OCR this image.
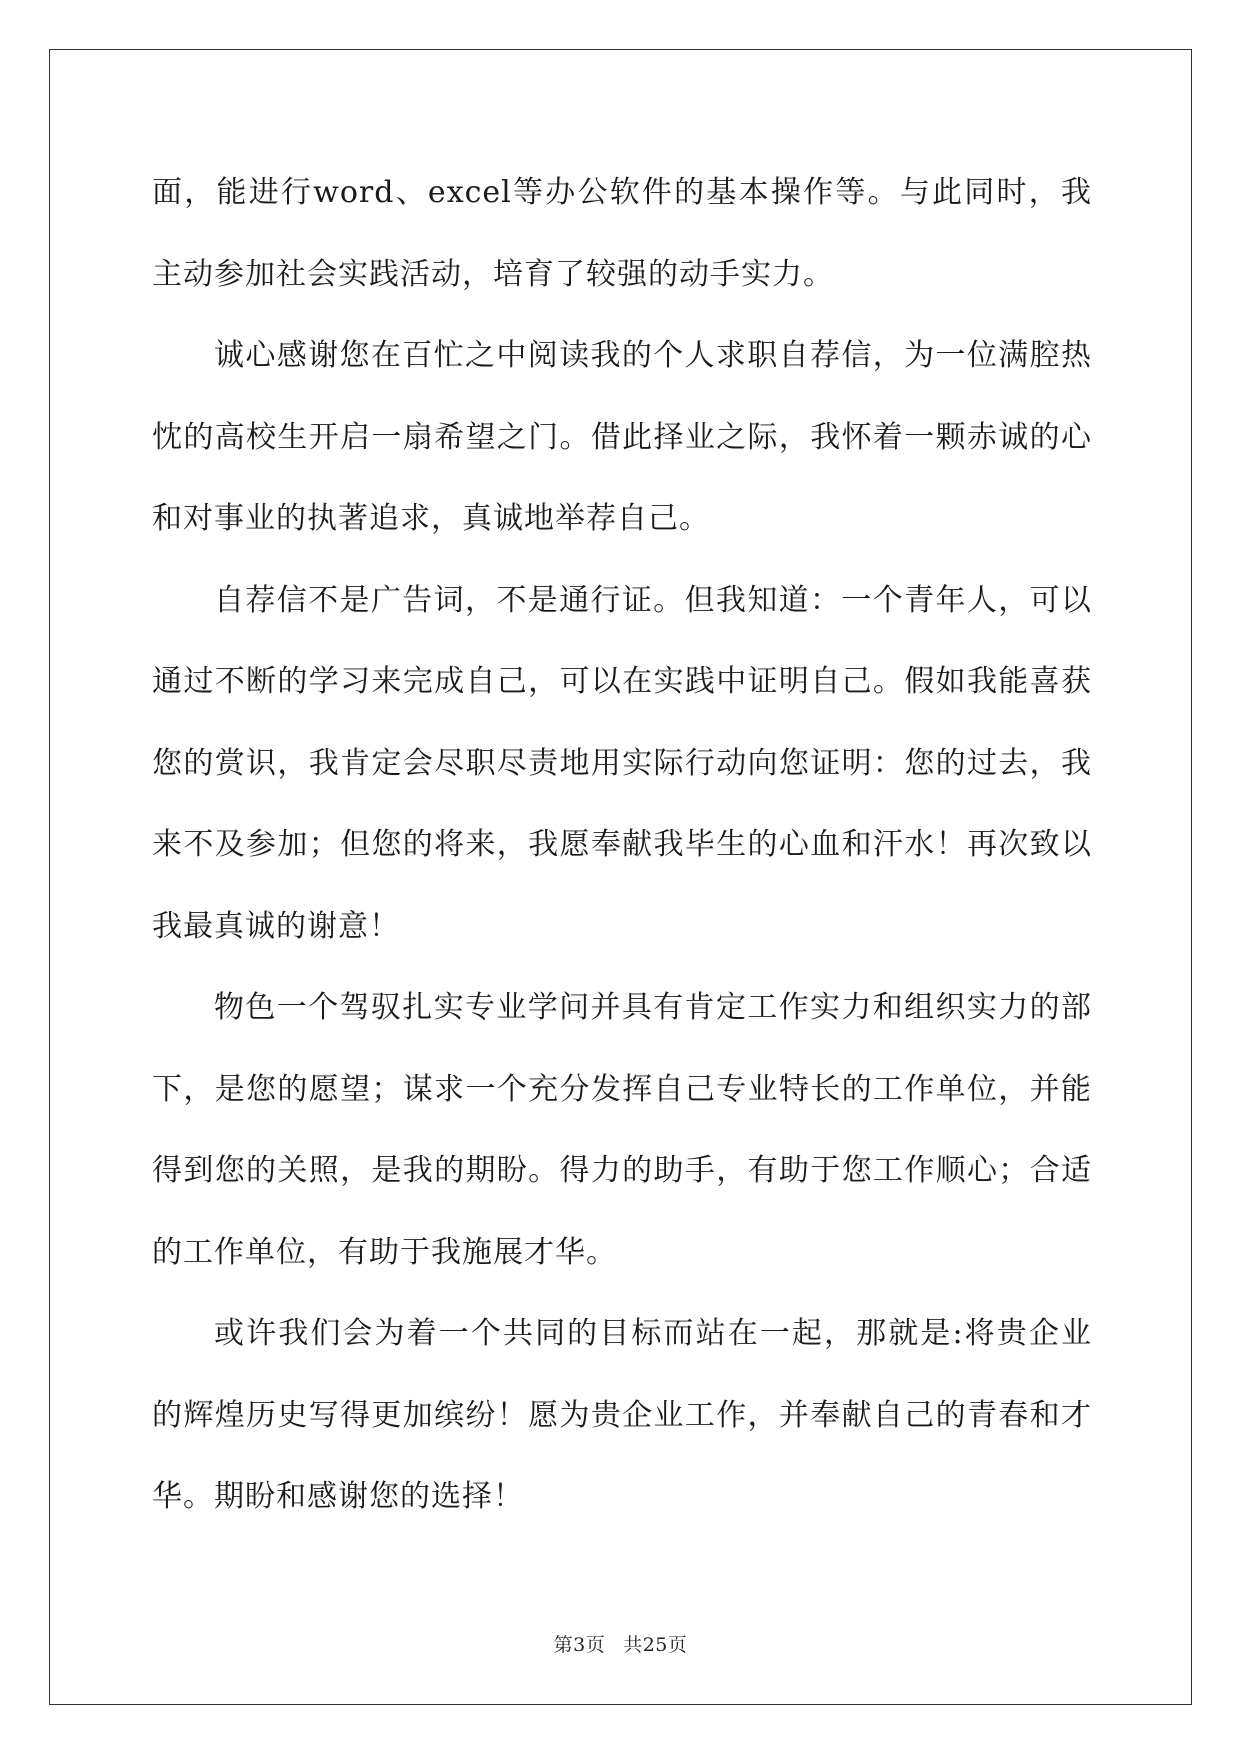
面，能进行word、excel等办公软件的基本操作等。与此同时，我主动参加社会实践活动，培育了较强的动手实力。

诚心感谢您在百忙之中阅读我的个人求职自荐信，为一位满腔热忱的高校生开启一扇希望之门。借此择业之际，我怀着一颗赤诚的心和对事业的执著追求，真诚地举荐自己。

自荐信不是广告词，不是通行证。但我知道：一个青年人，可以通过不断的学习来完成自己，可以在实践中证明自己。假如我能喜获您的赏识，我肯定会尽职尽责地用实际行动向您证明：您的过去，我来不及参加；但您的将来，我愿奉献我毕生的心血和汗水！再次致以我最真诚的谢意！

物色一个驾驭扎实专业学问并具有肯定工作实力和组织实力的部下，是您的愿望；谋求一个充分发挥自己专业特长的工作单位，并能得到您的关照，是我的期盼。得力的助手，有助于您工作顺心；合适的工作单位，有助于我施展才华。

或许我们会为着一个共同的目标而站在一起，那就是:将贵企业的辉煌历史写得更加缤纷！愿为贵企业工作，并奉献自己的青春和才华。期盼和感谢您的选择！

第3页 共25页
